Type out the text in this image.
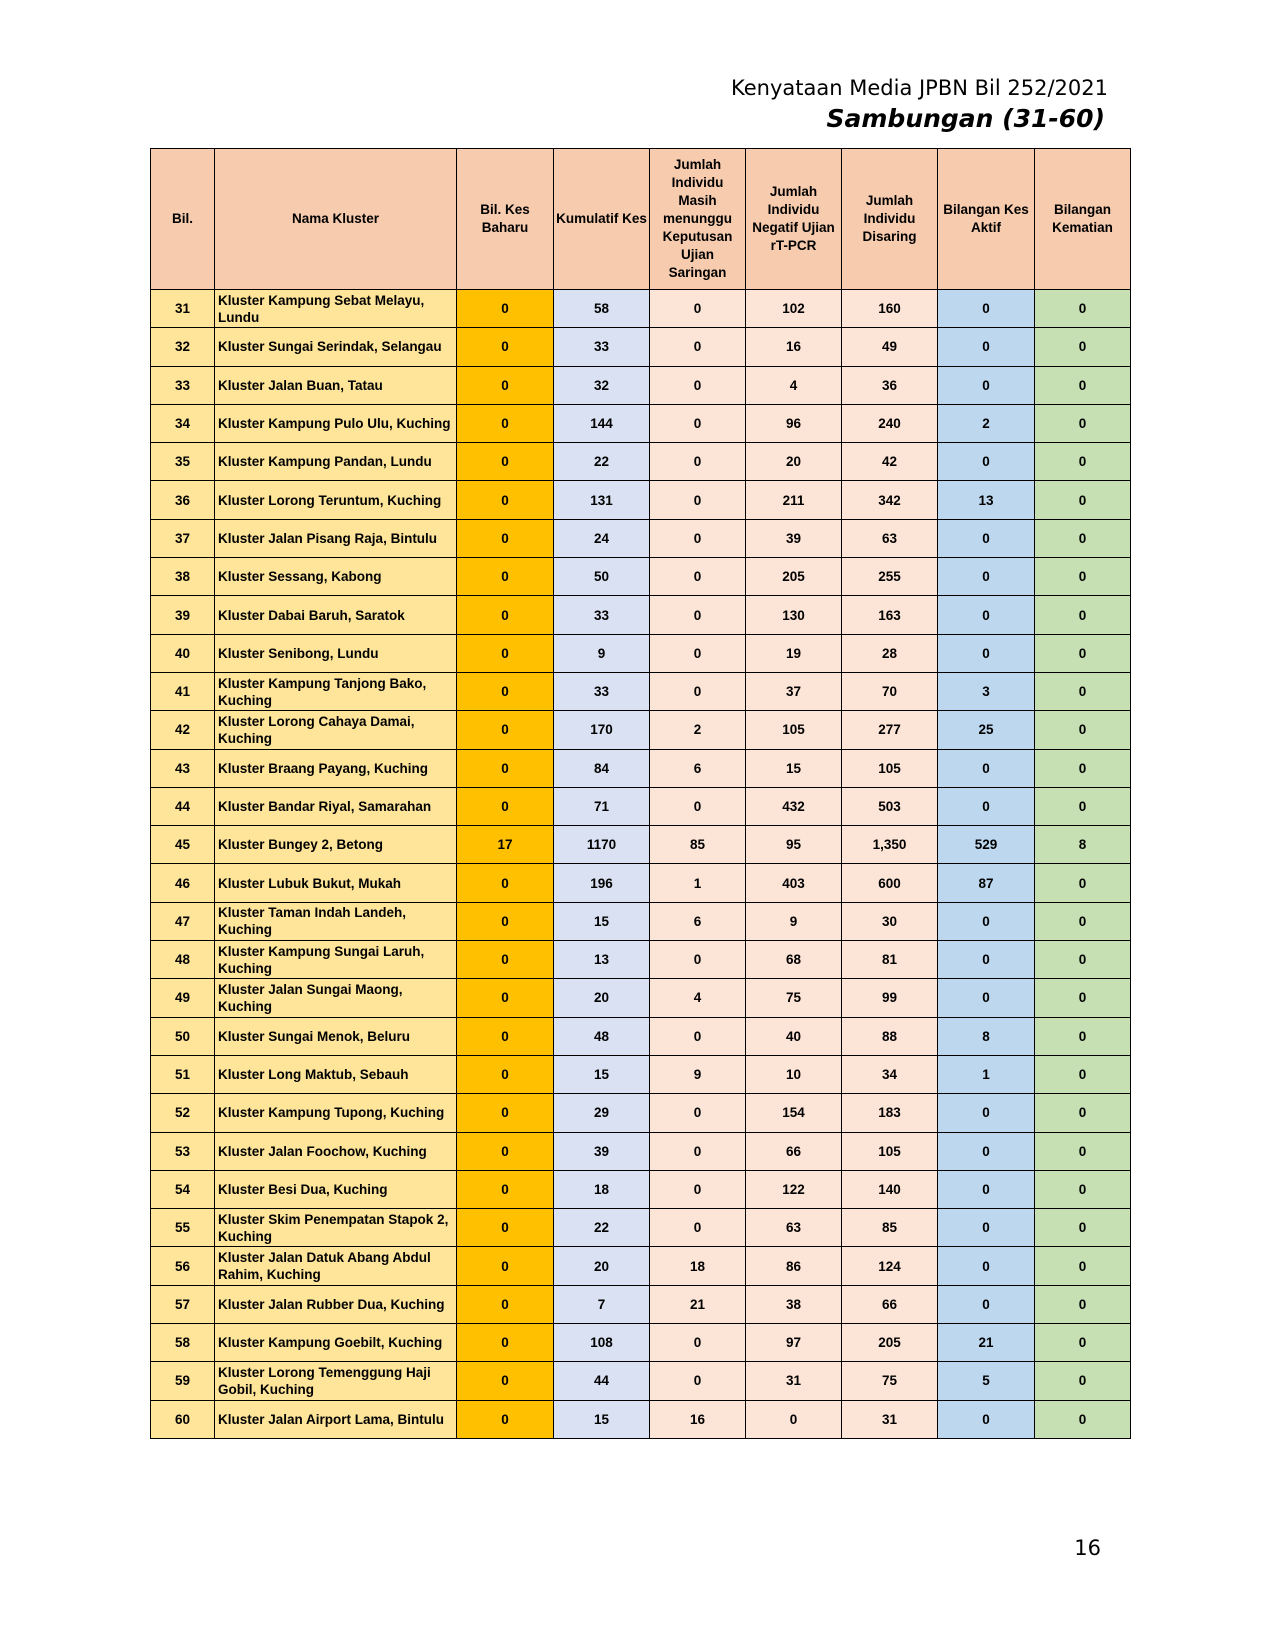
Kenyataan Media JPBN Bil 252/2021
Sambungan (31-60)
Bil.	Nama Kluster	Bil. Kes Baharu	Kumulatif Kes	Jumlah Individu Masih menunggu Keputusan Ujian Saringan	Jumlah Individu Negatif Ujian rT-PCR	Jumlah Individu Disaring	Bilangan Kes Aktif	Bilangan Kematian
31	Kluster Kampung Sebat Melayu, Lundu	0	58	0	102	160	0	0
32	Kluster Sungai Serindak, Selangau	0	33	0	16	49	0	0
33	Kluster Jalan Buan, Tatau	0	32	0	4	36	0	0
34	Kluster Kampung Pulo Ulu, Kuching	0	144	0	96	240	2	0
35	Kluster Kampung Pandan, Lundu	0	22	0	20	42	0	0
36	Kluster Lorong Teruntum, Kuching	0	131	0	211	342	13	0
37	Kluster Jalan Pisang Raja, Bintulu	0	24	0	39	63	0	0
38	Kluster Sessang, Kabong	0	50	0	205	255	0	0
39	Kluster Dabai Baruh, Saratok	0	33	0	130	163	0	0
40	Kluster Senibong, Lundu	0	9	0	19	28	0	0
41	Kluster Kampung Tanjong Bako, Kuching	0	33	0	37	70	3	0
42	Kluster Lorong Cahaya Damai, Kuching	0	170	2	105	277	25	0
43	Kluster Braang Payang, Kuching	0	84	6	15	105	0	0
44	Kluster Bandar Riyal, Samarahan	0	71	0	432	503	0	0
45	Kluster Bungey 2, Betong	17	1170	85	95	1,350	529	8
46	Kluster Lubuk Bukut, Mukah	0	196	1	403	600	87	0
47	Kluster Taman Indah Landeh, Kuching	0	15	6	9	30	0	0
48	Kluster Kampung Sungai Laruh, Kuching	0	13	0	68	81	0	0
49	Kluster Jalan Sungai Maong, Kuching	0	20	4	75	99	0	0
50	Kluster Sungai Menok, Beluru	0	48	0	40	88	8	0
51	Kluster Long Maktub, Sebauh	0	15	9	10	34	1	0
52	Kluster Kampung Tupong, Kuching	0	29	0	154	183	0	0
53	Kluster Jalan Foochow, Kuching	0	39	0	66	105	0	0
54	Kluster Besi Dua, Kuching	0	18	0	122	140	0	0
55	Kluster Skim Penempatan Stapok 2, Kuching	0	22	0	63	85	0	0
56	Kluster Jalan Datuk Abang Abdul Rahim, Kuching	0	20	18	86	124	0	0
57	Kluster Jalan Rubber Dua, Kuching	0	7	21	38	66	0	0
58	Kluster Kampung Goebilt, Kuching	0	108	0	97	205	21	0
59	Kluster Lorong Temenggung Haji Gobil, Kuching	0	44	0	31	75	5	0
60	Kluster Jalan Airport Lama, Bintulu	0	15	16	0	31	0	0
16
